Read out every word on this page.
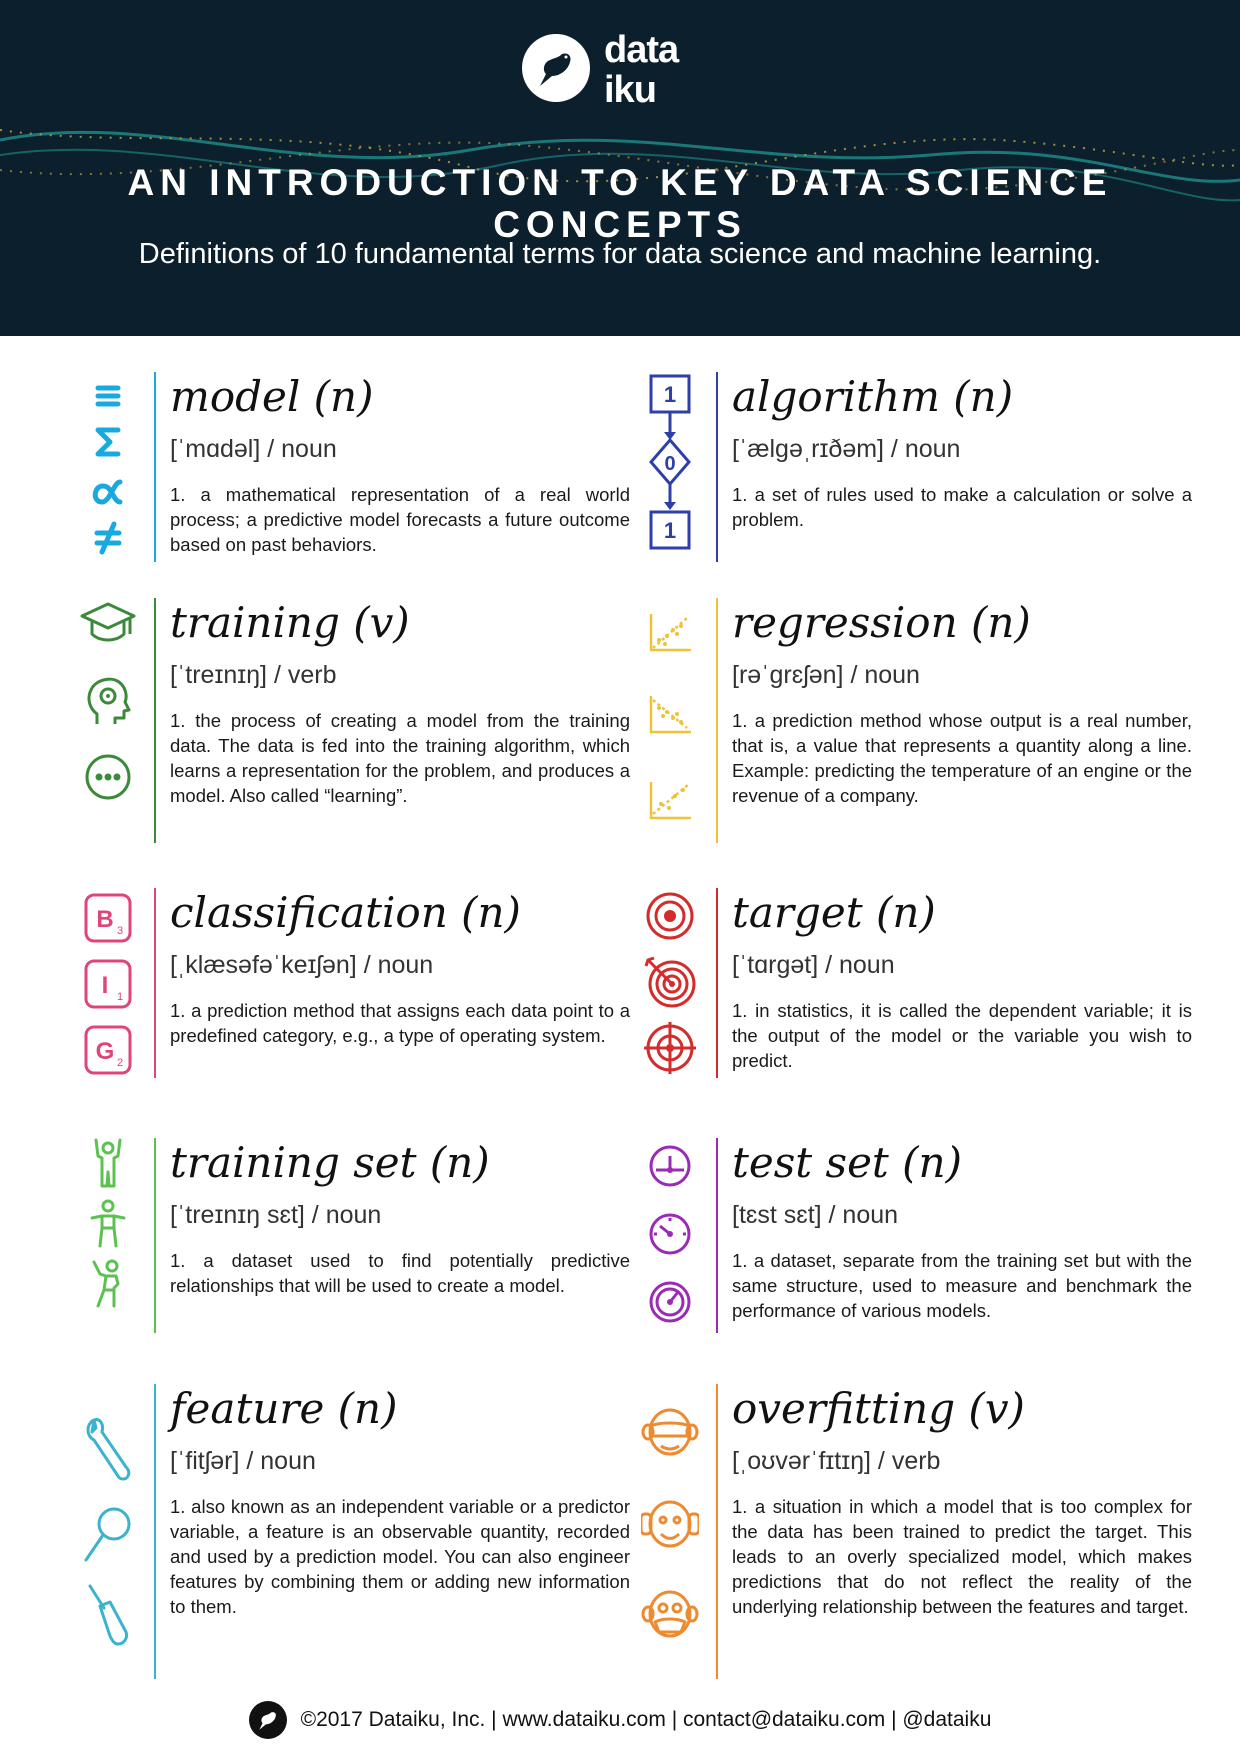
data
iku
AN INTRODUCTION TO KEY DATA SCIENCE CONCEPTS
Definitions of 10 fundamental terms for data science and machine learning.
model (n)
[ˈmɑdəl] / noun
1. a mathematical representation of a real world process; a predictive model forecasts a future outcome based on past behaviors.
1
0
1
algorithm (n)
[ˈælgəˌrɪðəm] / noun
1. a set of rules used to make a calculation or solve a problem.
training (v)
[ˈtreɪnɪŋ] / verb
1. the process of creating a model from the training data. The data is fed into the training algorithm, which learns a representation for the problem, and produces a model. Also called “learning”.
regression (n)
[rəˈgrɛʃən] / noun
1. a prediction method whose output is a real number, that is, a value that represents a quantity along a line. Example: predicting the temperature of an engine or the revenue of a company.
B 3
I 1
G 2
classification (n)
[ˌklæsəfəˈkeɪʃən] / noun
1. a prediction method that assigns each data point to a predefined category, e.g., a type of operating system.
target (n)
[ˈtɑrgət] / noun
1. in statistics, it is called the dependent variable; it is the output of the model or the variable you wish to predict.
training set (n)
[ˈtreɪnɪŋ sɛt] / noun
1. a dataset used to find potentially predictive relationships that will be used to create a model.
test set (n)
[tɛst sɛt] / noun
1. a dataset, separate from the training set but with the same structure, used to measure and benchmark the performance of various models.
feature (n)
[ˈfitʃər] / noun
1. also known as an independent variable or a predictor variable, a feature is an observable quantity, recorded and used by a prediction model. You can also engineer features by combining them or adding new information to them.
overfitting (v)
[ˌoʊvərˈfɪtɪŋ] / verb
1. a situation in which a model that is too complex for the data has been trained to predict the target. This leads to an overly specialized model, which makes predictions that do not reflect the reality of the underlying relationship between the features and target.
©2017 Dataiku, Inc. | www.dataiku.com | contact@dataiku.com | @dataiku
